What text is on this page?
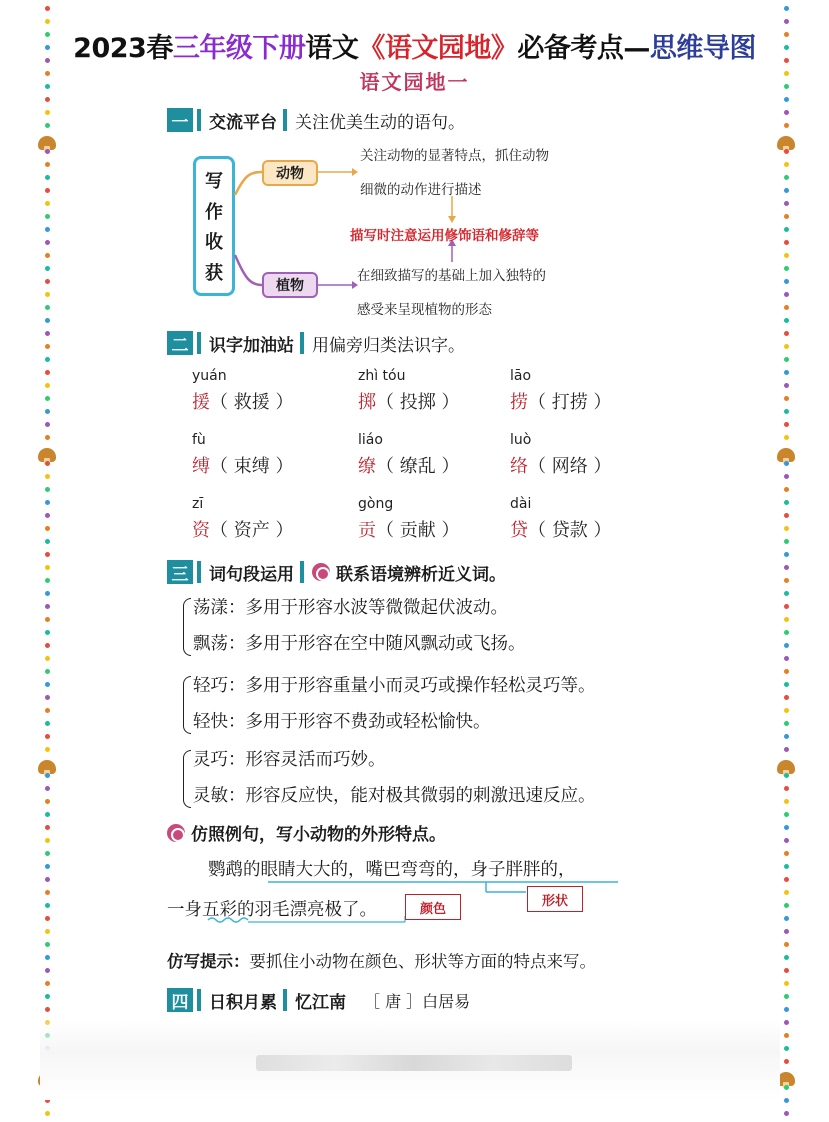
2023春三年级下册语文《语文园地》必备考点—思维导图
语文园地一
一 交流平台 关注优美生动的语句。
写
作
收
获
动物
植物
关注动物的显著特点，抓住动物
细微的动作进行描述
描写时注意运用修饰语和修辞等
在细致描写的基础上加入独特的
感受来呈现植物的形态
二 识字加油站 用偏旁归类法识字。
yuán
援（ 救援 ）
zhì tóu
掷（ 投掷 ）
lāo
捞（ 打捞 ）
fù
缚（ 束缚 ）
liáo
缭（ 缭乱 ）
luò
络（ 网络 ）
zī
资（ 资产 ）
gòng
贡（ 贡献 ）
dài
贷（ 贷款 ）
三 词句段运用 联系语境辨析近义词。
荡漾：多用于形容水波等微微起伏波动。
飘荡：多用于形容在空中随风飘动或飞扬。
轻巧：多用于形容重量小而灵巧或操作轻松灵巧等。
轻快：多用于形容不费劲或轻松愉快。
灵巧：形容灵活而巧妙。
灵敏：形容反应快，能对极其微弱的刺激迅速反应。
仿照例句，写小动物的外形特点。
鹦鹉的眼睛大大的，嘴巴弯弯的，身子胖胖的，
一身五彩的羽毛漂亮极了。	颜色
形状
仿写提示：要抓住小动物在颜色、形状等方面的特点来写。
四 日积月累 忆江南 ［ 唐 ］白居易
